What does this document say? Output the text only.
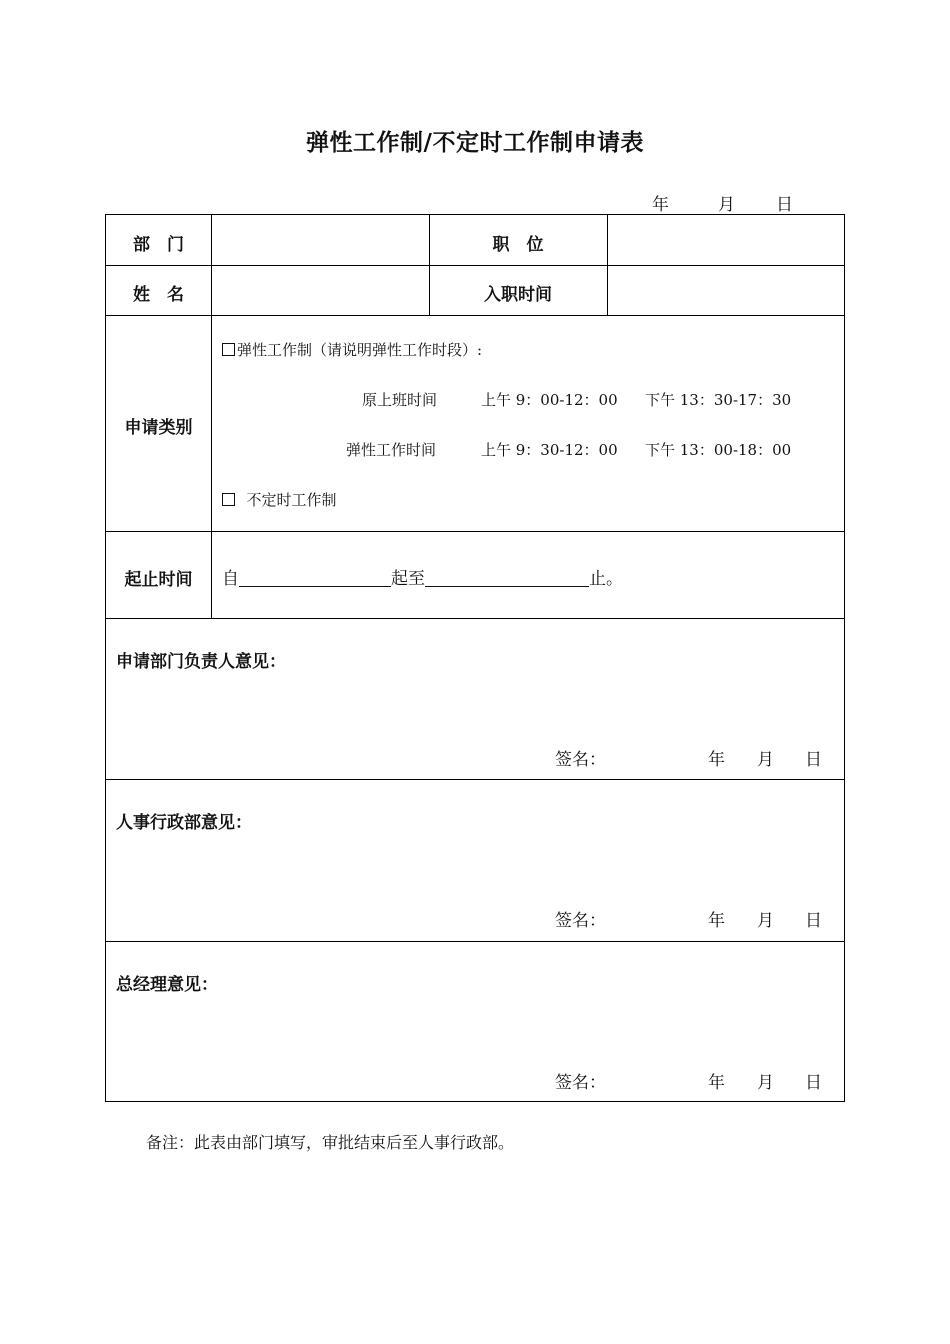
弹性工作制/不定时工作制申请表
年	月 日
部　门	职　位
姓　名	入职时间
申请类别
弹性工作制（请说明弹性工作时段）:
原上班时间	上午 9：00-12：00 下午 13：30-17：30
弹性工作时间	上午 9：30-12：00 下午 13：00-18：00
不定时工作制
起止时间	自	起至	止。
申请部门负责人意见：
签名：	年 月 日
人事行政部意见：
签名：	年 月 日
总经理意见：
签名：	年 月 日
备注：此表由部门填写，审批结束后至人事行政部。
